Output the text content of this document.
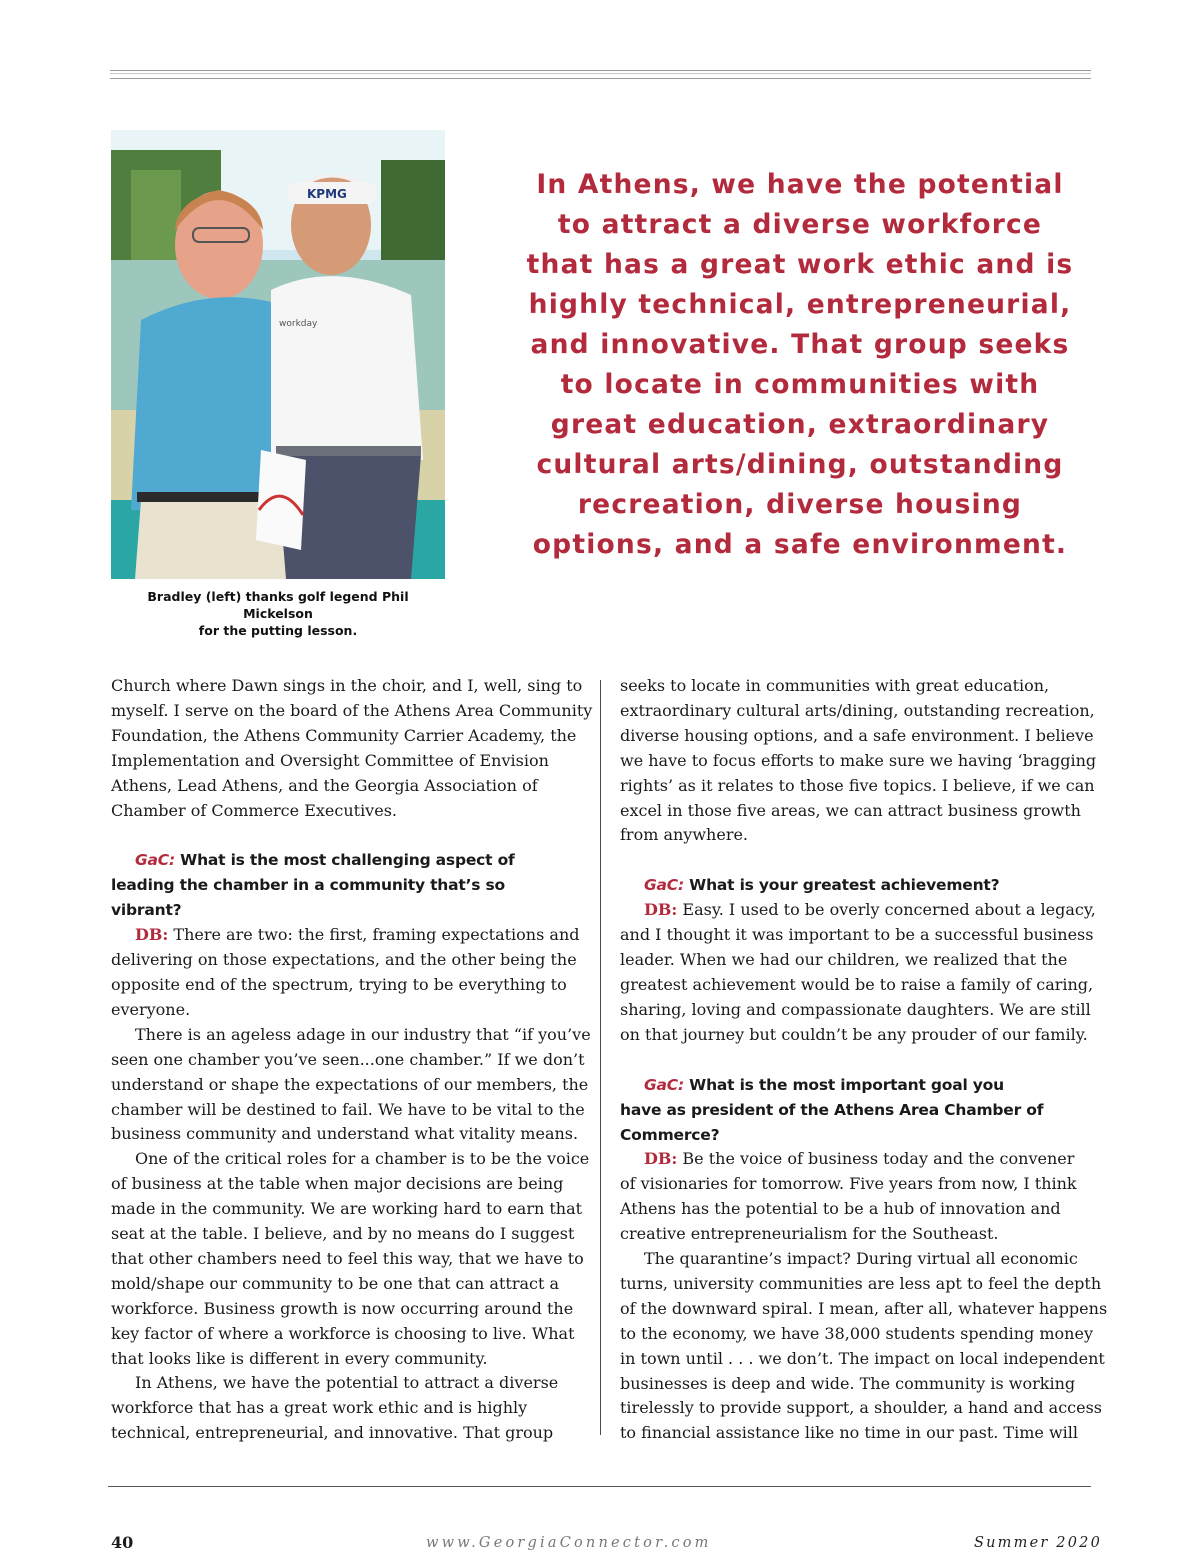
KPMG
workday
Bradley (left) thanks golf legend Phil Mickelson
for the putting lesson.
In Athens, we have the potential
to attract a diverse workforce
that has a great work ethic and is
highly technical, entrepreneurial,
and innovative. That group seeks
to locate in communities with
great education, extraordinary
cultural arts/dining, outstanding
recreation, diverse housing
options, and a safe environment.
Church where Dawn sings in the choir, and I, well, sing to
myself. I serve on the board of the Athens Area Community
Foundation, the Athens Community Carrier Academy, the
Implementation and Oversight Committee of Envision
Athens, Lead Athens, and the Georgia Association of
Chamber of Commerce Executives.
GaC: What is the most challenging aspect of
leading the chamber in a community that’s so
vibrant?
DB: There are two: the first, framing expectations and
delivering on those expectations, and the other being the
opposite end of the spectrum, trying to be everything to
everyone.
There is an ageless adage in our industry that “if you’ve
seen one chamber you’ve seen...one chamber.” If we don’t
understand or shape the expectations of our members, the
chamber will be destined to fail. We have to be vital to the
business community and understand what vitality means.
One of the critical roles for a chamber is to be the voice
of business at the table when major decisions are being
made in the community. We are working hard to earn that
seat at the table. I believe, and by no means do I suggest
that other chambers need to feel this way, that we have to
mold/shape our community to be one that can attract a
workforce. Business growth is now occurring around the
key factor of where a workforce is choosing to live. What
that looks like is different in every community.
In Athens, we have the potential to attract a diverse
workforce that has a great work ethic and is highly
technical, entrepreneurial, and innovative. That group
seeks to locate in communities with great education,
extraordinary cultural arts/dining, outstanding recreation,
diverse housing options, and a safe environment. I believe
we have to focus efforts to make sure we having ‘bragging
rights’ as it relates to those five topics. I believe, if we can
excel in those five areas, we can attract business growth
from anywhere.
GaC: What is your greatest achievement?
DB: Easy. I used to be overly concerned about a legacy,
and I thought it was important to be a successful business
leader. When we had our children, we realized that the
greatest achievement would be to raise a family of caring,
sharing, loving and compassionate daughters. We are still
on that journey but couldn’t be any prouder of our family.
GaC: What is the most important goal you
have as president of the Athens Area Chamber of
Commerce?
DB: Be the voice of business today and the convener
of visionaries for tomorrow. Five years from now, I think
Athens has the potential to be a hub of innovation and
creative entrepreneurialism for the Southeast.
The quarantine’s impact? During virtual all economic
turns, university communities are less apt to feel the depth
of the downward spiral. I mean, after all, whatever happens
to the economy, we have 38,000 students spending money
in town until . . . we don’t. The impact on local independent
businesses is deep and wide. The community is working
tirelessly to provide support, a shoulder, a hand and access
to financial assistance like no time in our past. Time will
40	www.GeorgiaConnector.com	Summer 2020
